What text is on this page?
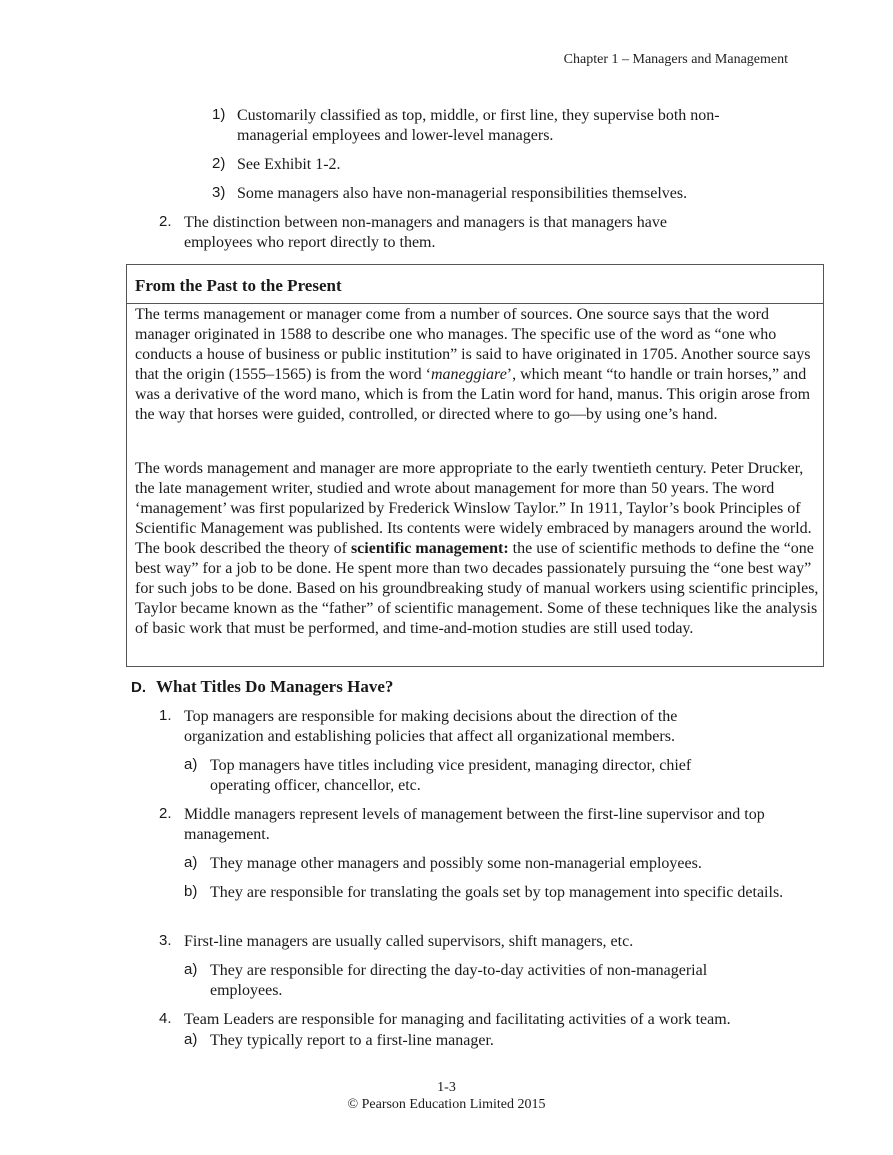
Chapter 1 – Managers and Management
1) Customarily classified as top, middle, or first line, they supervise both non-managerial employees and lower-level managers.
2) See Exhibit 1-2.
3) Some managers also have non-managerial responsibilities themselves.
2. The distinction between non-managers and managers is that managers have employees who report directly to them.
From the Past to the Present
The terms management or manager come from a number of sources. One source says that the word manager originated in 1588 to describe one who manages. The specific use of the word as “one who conducts a house of business or public institution” is said to have originated in 1705. Another source says that the origin (1555–1565) is from the word ‘maneggiare’, which meant “to handle or train horses,” and was a derivative of the word mano, which is from the Latin word for hand, manus. This origin arose from the way that horses were guided, controlled, or directed where to go—by using one’s hand.
The words management and manager are more appropriate to the early twentieth century. Peter Drucker, the late management writer, studied and wrote about management for more than 50 years. The word ‘management’ was first popularized by Frederick Winslow Taylor.” In 1911, Taylor’s book Principles of Scientific Management was published. Its contents were widely embraced by managers around the world. The book described the theory of scientific management: the use of scientific methods to define the “one best way” for a job to be done. He spent more than two decades passionately pursuing the “one best way” for such jobs to be done. Based on his groundbreaking study of manual workers using scientific principles, Taylor became known as the “father” of scientific management. Some of these techniques like the analysis of basic work that must be performed, and time-and-motion studies are still used today.

D. What Titles Do Managers Have?
1. Top managers are responsible for making decisions about the direction of the organization and establishing policies that affect all organizational members.
a) Top managers have titles including vice president, managing director, chief operating officer, chancellor, etc.
2. Middle managers represent levels of management between the first-line supervisor and top management.
a) They manage other managers and possibly some non-managerial employees.
b) They are responsible for translating the goals set by top management into specific details.
3. First-line managers are usually called supervisors, shift managers, etc.
a) They are responsible for directing the day-to-day activities of non-managerial employees.
4. Team Leaders are responsible for managing and facilitating activities of a work team.
a) They typically report to a first-line manager.
1-3
© Pearson Education Limited 2015
